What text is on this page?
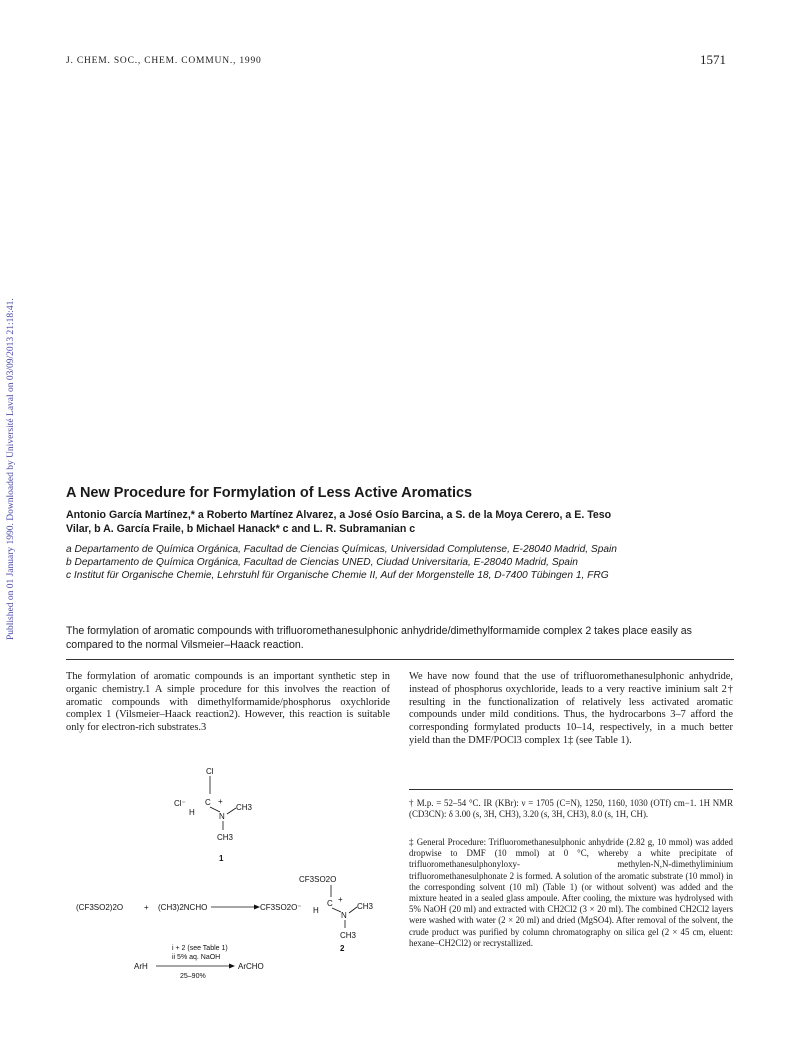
J. CHEM. SOC., CHEM. COMMUN., 1990	1571
Published on 01 January 1990. Downloaded by Université Laval on 03/09/2013 21:18:41.	A New Procedure for Formylation of Less Active Aromatics
Antonio García Martínez,* a Roberto Martínez Alvarez, a José Osío Barcina, a S. de la Moya Cerero, a E. Teso
Vilar, b A. García Fraile, b Michael Hanack* c and L. R. Subramanian c
a Departamento de Química Orgánica, Facultad de Ciencias Químicas, Universidad Complutense, E-28040 Madrid, Spain
b Departamento de Química Orgánica, Facultad de Ciencias UNED, Ciudad Universitaria, E-28040 Madrid, Spain
c Institut für Organische Chemie, Lehrstuhl für Organische Chemie II, Auf der Morgenstelle 18, D-7400 Tübingen 1, FRG
The formylation of aromatic compounds with trifluoromethanesulphonic anhydride/dimethylformamide complex 2 takes place easily as compared to the normal Vilsmeier–Haack reaction.
The formylation of aromatic compounds is an important synthetic step in organic chemistry.1 A simple procedure for this involves the reaction of aromatic compounds with dimethylformamide/phosphorus oxychloride complex 1 (Vilsmeier–Haack reaction2). However, this reaction is suitable only for electron-rich substrates.3
We have now found that the use of trifluoromethanesulphonic anhydride, instead of phosphorus oxychloride, leads to a very reactive iminium salt 2† resulting in the functionalization of relatively less activated aromatic compounds under mild conditions. Thus, the hydrocarbons 3–7 afford the corresponding formylated products 10–14, respectively, in a much better yield than the DMF/POCl3 complex 1‡ (see Table 1).
† M.p. = 52–54 °C. IR (KBr): ν = 1705 (C=N), 1250, 1160, 1030 (OTf) cm−1. 1H NMR (CD3CN): δ 3.00 (s, 3H, CH3), 3.20 (s, 3H, CH3), 8.0 (s, 1H, CH).
‡ General Procedure: Trifluoromethanesulphonic anhydride (2.82 g, 10 mmol) was added dropwise to DMF (10 mmol) at 0 °C, whereby a white precipitate of trifluoromethanesulphonyloxy- methylen-N,N-dimethyliminium trifluoromethanesulphonate 2 is formed. A solution of the aromatic substrate (10 mmol) in the corresponding solvent (10 ml) (Table 1) (or without solvent) was added and the mixture heated in a sealed glass ampoule. After cooling, the mixture was hydrolysed with 5% NaOH (20 ml) and extracted with CH2Cl2 (3 × 20 ml). The combined CH2Cl2 layers were washed with water (2 × 20 ml) and dried (MgSO4). After removal of the solvent, the crude product was purified by column chromatography on silica gel (2 × 45 cm, eluent: hexane–CH2Cl2) or recrystallized.
Cl⁻
Cl
H
C +
N
CH3
CH3
1
(CF3SO2)2O	+ (CH3)2NCHO	CF3SO2O⁻
CF3SO2O
H
C +
N
CH3
CH3
2
i + 2 (see Table 1)
ii 5% aq. NaOH
ArH	ArCHO
25–90%
